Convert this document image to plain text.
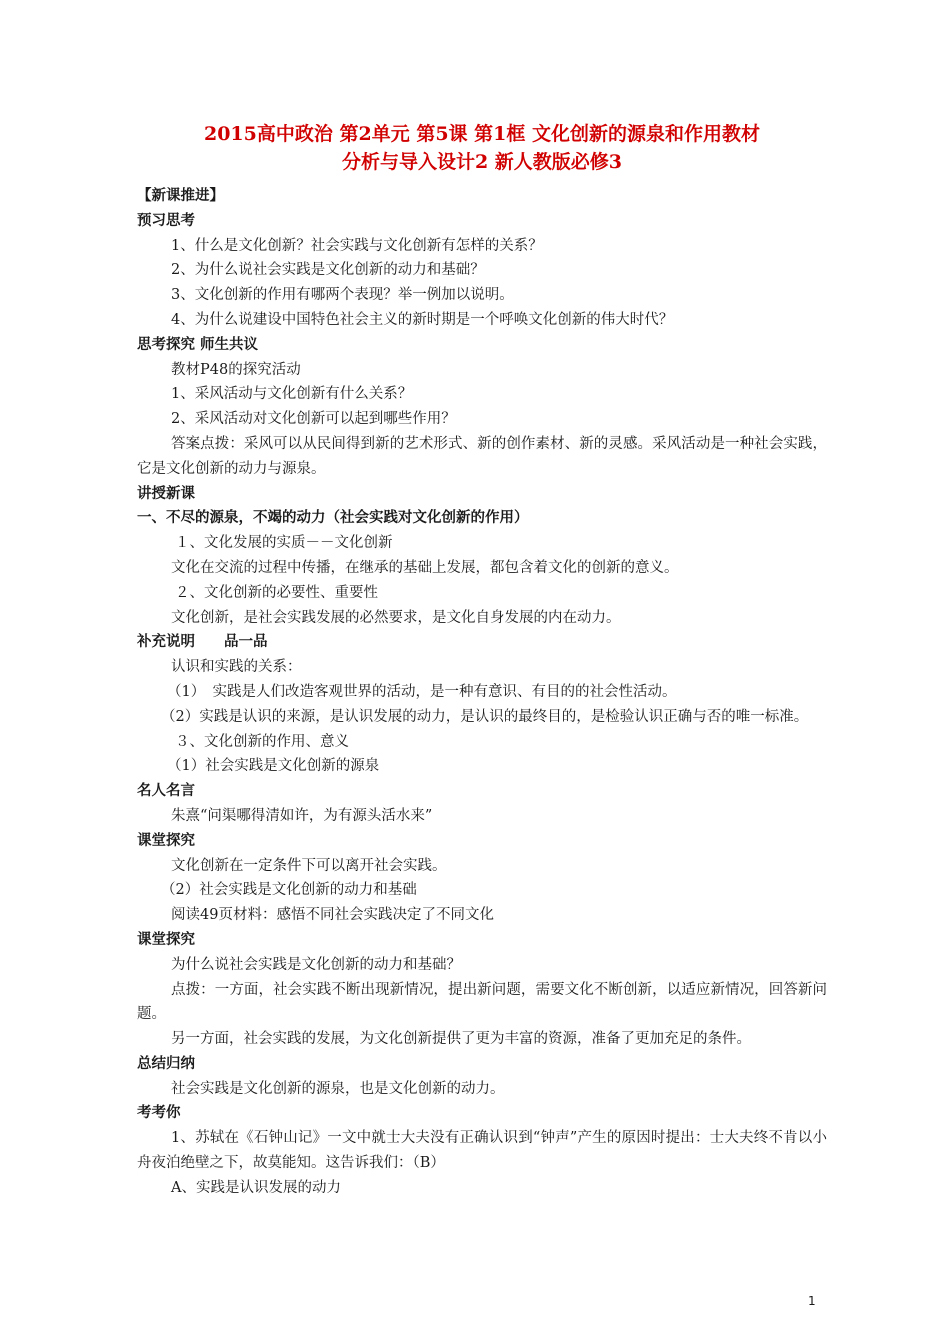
2015高中政治 第2单元 第5课 第1框 文化创新的源泉和作用教材
分析与导入设计2 新人教版必修3
【新课推进】
预习思考
1、什么是文化创新？社会实践与文化创新有怎样的关系？
2、为什么说社会实践是文化创新的动力和基础？
3、文化创新的作用有哪两个表现？举一例加以说明。
4、为什么说建设中国特色社会主义的新时期是一个呼唤文化创新的伟大时代？
思考探究 师生共议
教材P48的探究活动
1、采风活动与文化创新有什么关系？
2、采风活动对文化创新可以起到哪些作用？
答案点拨：采风可以从民间得到新的艺术形式、新的创作素材、新的灵感。采风活动是一种社会实践，它是文化创新的动力与源泉。
讲授新课
一、不尽的源泉，不竭的动力（社会实践对文化创新的作用）
１、文化发展的实质－－文化创新
文化在交流的过程中传播，在继承的基础上发展，都包含着文化的创新的意义。
２、文化创新的必要性、重要性
文化创新，是社会实践发展的必然要求，是文化自身发展的内在动力。
补充说明　　品一品
认识和实践的关系：
（1）　实践是人们改造客观世界的活动，是一种有意识、有目的的社会性活动。
（2）实践是认识的来源，是认识发展的动力，是认识的最终目的，是检验认识正确与否的唯一标准。
３、文化创新的作用、意义
（1）社会实践是文化创新的源泉
名人名言
朱熹“问渠哪得清如许，为有源头活水来”
课堂探究
文化创新在一定条件下可以离开社会实践。
（2）社会实践是文化创新的动力和基础
阅读49页材料：感悟不同社会实践决定了不同文化
课堂探究
为什么说社会实践是文化创新的动力和基础？
点拨：一方面，社会实践不断出现新情况，提出新问题，需要文化不断创新，以适应新情况，回答新问题。
另一方面，社会实践的发展，为文化创新提供了更为丰富的资源，准备了更加充足的条件。
总结归纳
社会实践是文化创新的源泉，也是文化创新的动力。
考考你
1、苏轼在《石钟山记》一文中就士大夫没有正确认识到“钟声”产生的原因时提出：士大夫终不肯以小舟夜泊绝壁之下，故莫能知。这告诉我们：（B）
A、实践是认识发展的动力
1
